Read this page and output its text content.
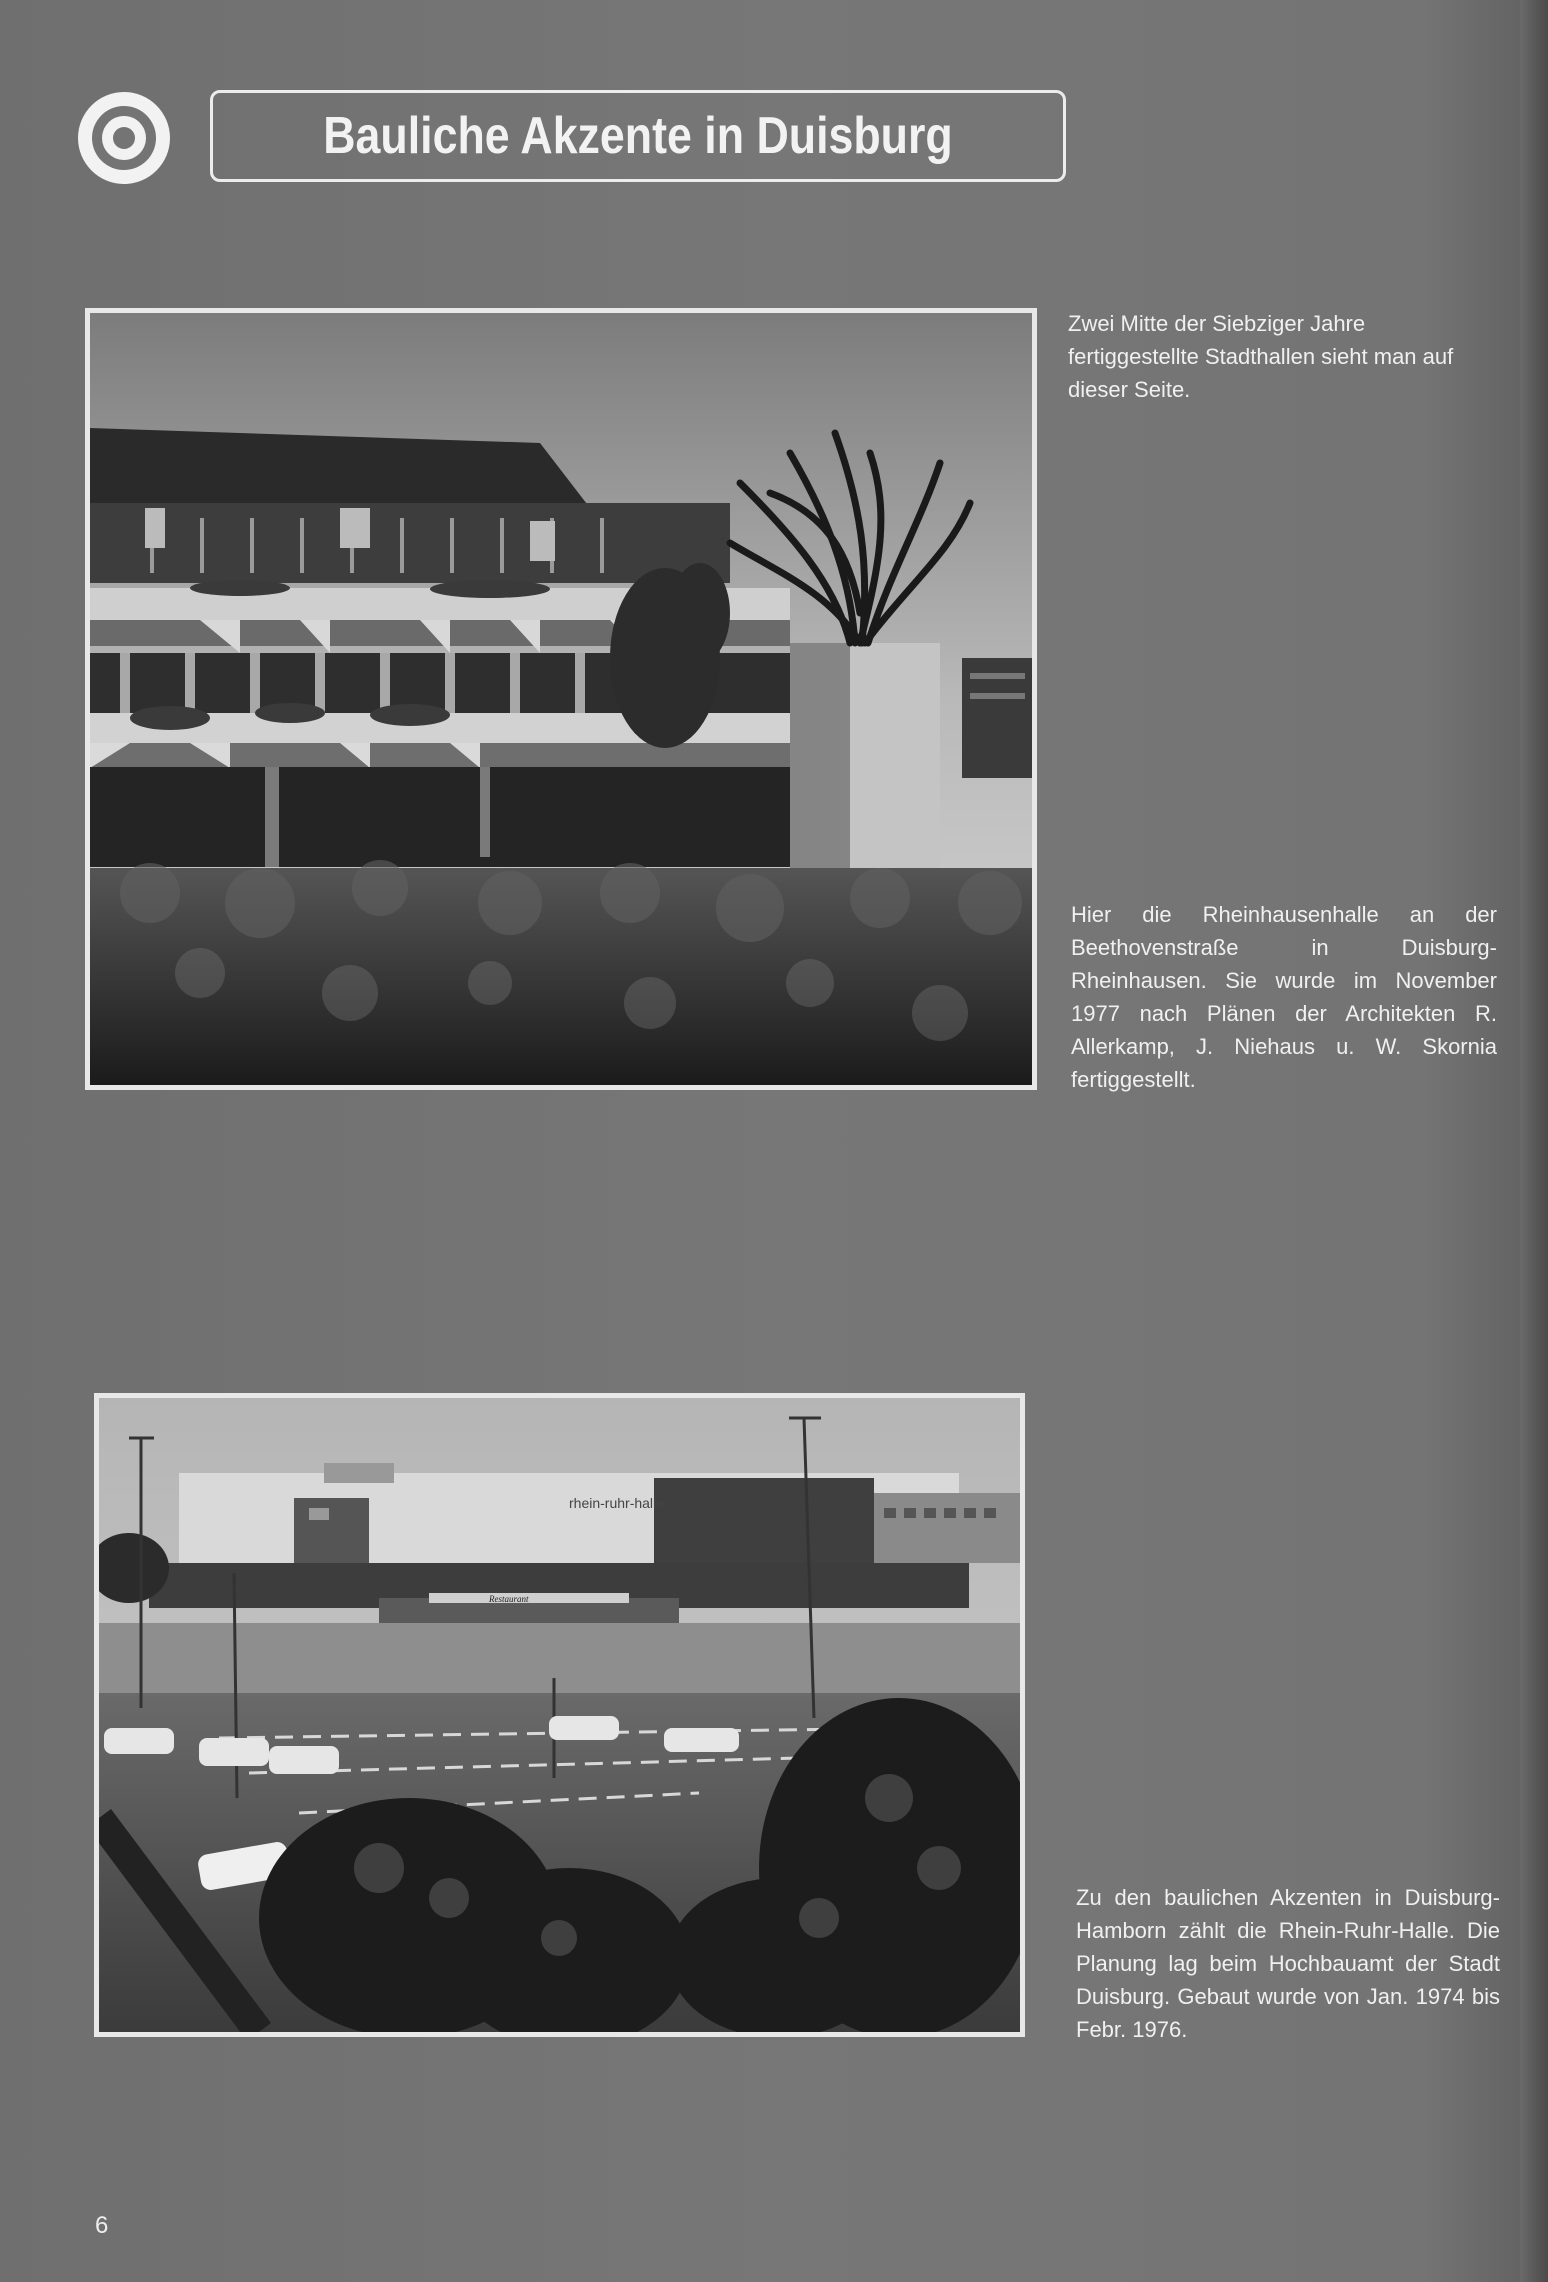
Bauliche Akzente in Duisburg
rhein-ruhr-halle
Restaurant

Zwei Mitte der Siebziger Jahre fertiggestellte Stadthallen sieht man auf dieser Seite.

Hier die Rheinhausenhalle an der Beethovenstraße in Duisburg-Rheinhausen. Sie wurde im November 1977 nach Plänen der Architekten R. Allerkamp, J. Niehaus u. W. Skornia fertiggestellt.

Zu den baulichen Akzenten in Duisburg-Hamborn zählt die Rhein-Ruhr-Halle. Die Planung lag beim Hochbauamt der Stadt Duisburg. Gebaut wurde von Jan. 1974 bis Febr. 1976.

6
